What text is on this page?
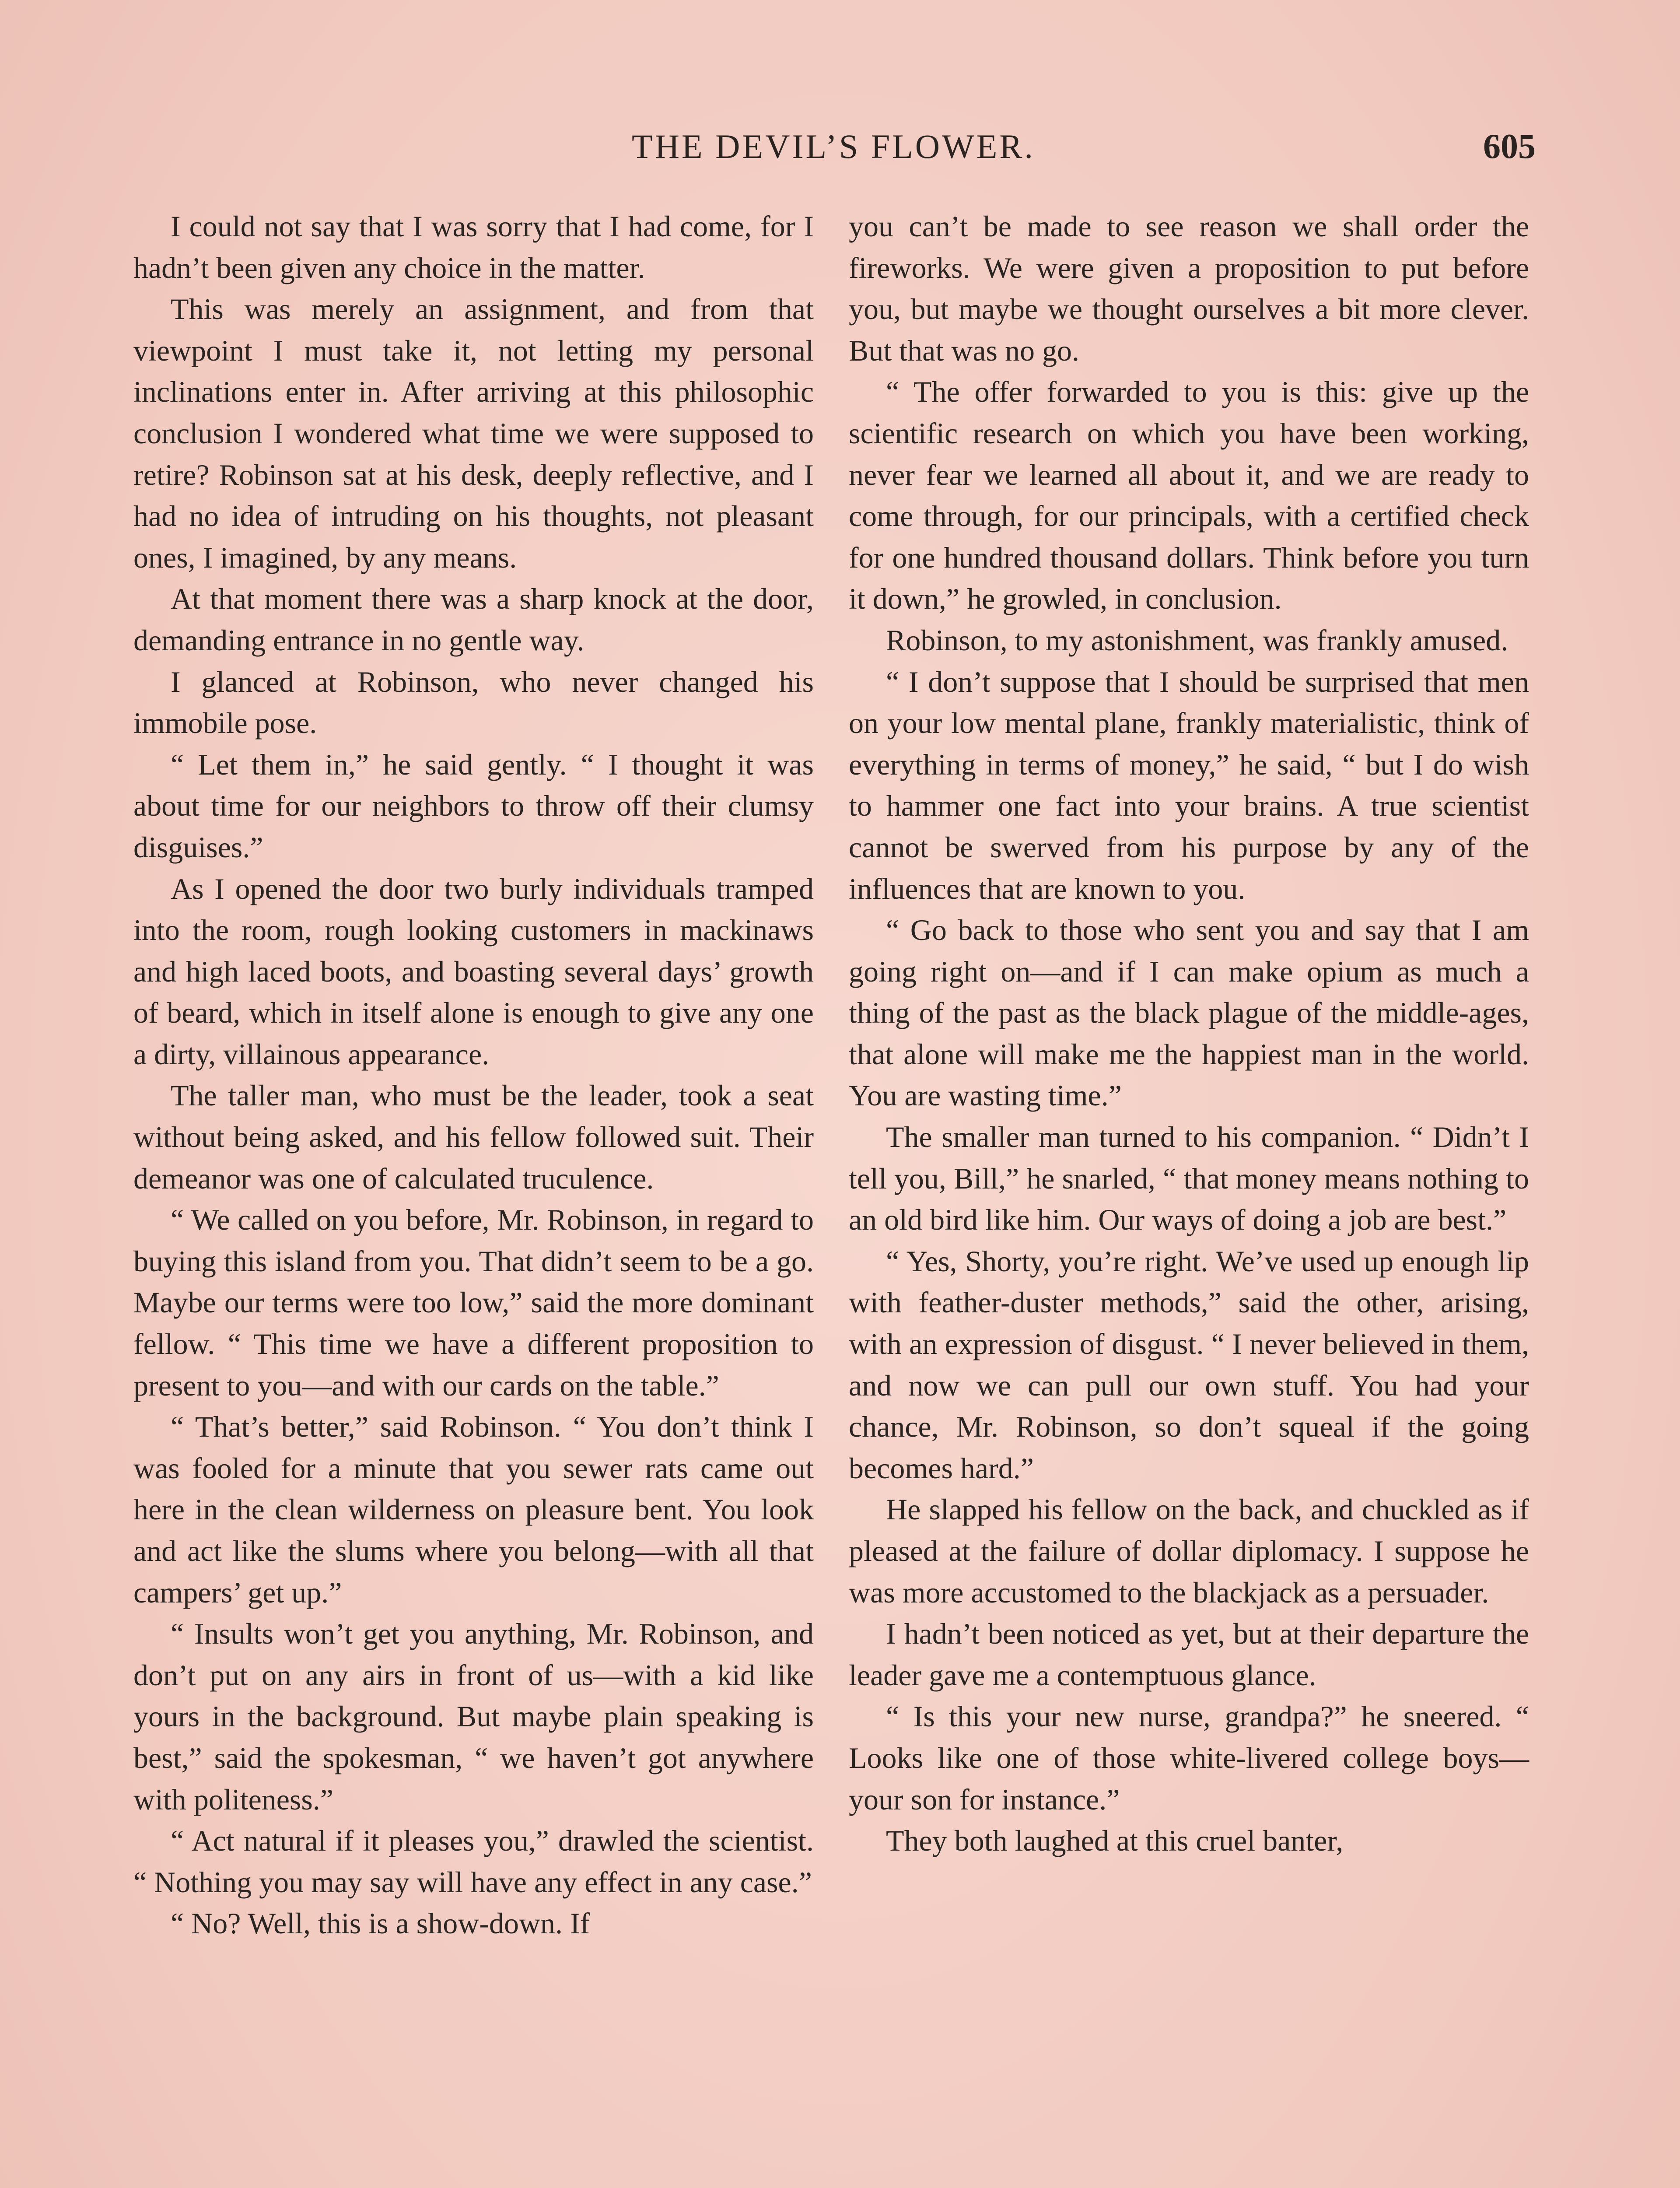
THE DEVIL’S FLOWER.	605

I could not say that I was sorry that I had come, for I hadn’t been given any choice in the matter.

This was merely an assignment, and from that viewpoint I must take it, not letting my personal inclinations enter in. After arriving at this philosophic conclusion I wondered what time we were supposed to retire? Robinson sat at his desk, deeply reflective, and I had no idea of intruding on his thoughts, not pleasant ones, I imagined, by any means.

At that moment there was a sharp knock at the door, demanding entrance in no gentle way.

I glanced at Robinson, who never changed his immobile pose.

“ Let them in,” he said gently. “ I thought it was about time for our neighbors to throw off their clumsy disguises.”

As I opened the door two burly individuals tramped into the room, rough looking customers in mackinaws and high laced boots, and boasting several days’ growth of beard, which in itself alone is enough to give any one a dirty, villainous appearance.

The taller man, who must be the leader, took a seat without being asked, and his fellow followed suit. Their demeanor was one of calculated truculence.

“ We called on you before, Mr. Robinson, in regard to buying this island from you. That didn’t seem to be a go. Maybe our terms were too low,” said the more dominant fellow. “ This time we have a different proposition to present to you—and with our cards on the table.”

“ That’s better,” said Robinson. “ You don’t think I was fooled for a minute that you sewer rats came out here in the clean wilderness on pleasure bent. You look and act like the slums where you belong—with all that campers’ get up.”

“ Insults won’t get you anything, Mr. Robinson, and don’t put on any airs in front of us—with a kid like yours in the background. But maybe plain speaking is best,” said the spokesman, “ we haven’t got anywhere with politeness.”

“ Act natural if it pleases you,” drawled the scientist. “ Nothing you may say will have any effect in any case.”

“ No? Well, this is a show-down. If

you can’t be made to see reason we shall order the fireworks. We were given a proposition to put before you, but maybe we thought ourselves a bit more clever. But that was no go.

“ The offer forwarded to you is this: give up the scientific research on which you have been working, never fear we learned all about it, and we are ready to come through, for our principals, with a certified check for one hundred thousand dollars. Think before you turn it down,” he growled, in conclusion.

Robinson, to my astonishment, was frankly amused.

“ I don’t suppose that I should be surprised that men on your low mental plane, frankly materialistic, think of everything in terms of money,” he said, “ but I do wish to hammer one fact into your brains. A true scientist cannot be swerved from his purpose by any of the influences that are known to you.

“ Go back to those who sent you and say that I am going right on—and if I can make opium as much a thing of the past as the black plague of the middle-ages, that alone will make me the happiest man in the world. You are wasting time.”

The smaller man turned to his companion. “ Didn’t I tell you, Bill,” he snarled, “ that money means nothing to an old bird like him. Our ways of doing a job are best.”

“ Yes, Shorty, you’re right. We’ve used up enough lip with feather-duster methods,” said the other, arising, with an expression of disgust. “ I never believed in them, and now we can pull our own stuff. You had your chance, Mr. Robinson, so don’t squeal if the going becomes hard.”

He slapped his fellow on the back, and chuckled as if pleased at the failure of dollar diplomacy. I suppose he was more accustomed to the blackjack as a persuader.

I hadn’t been noticed as yet, but at their departure the leader gave me a contemptuous glance.

“ Is this your new nurse, grandpa?” he sneered. “ Looks like one of those white-livered college boys—your son for instance.”

They both laughed at this cruel banter,
